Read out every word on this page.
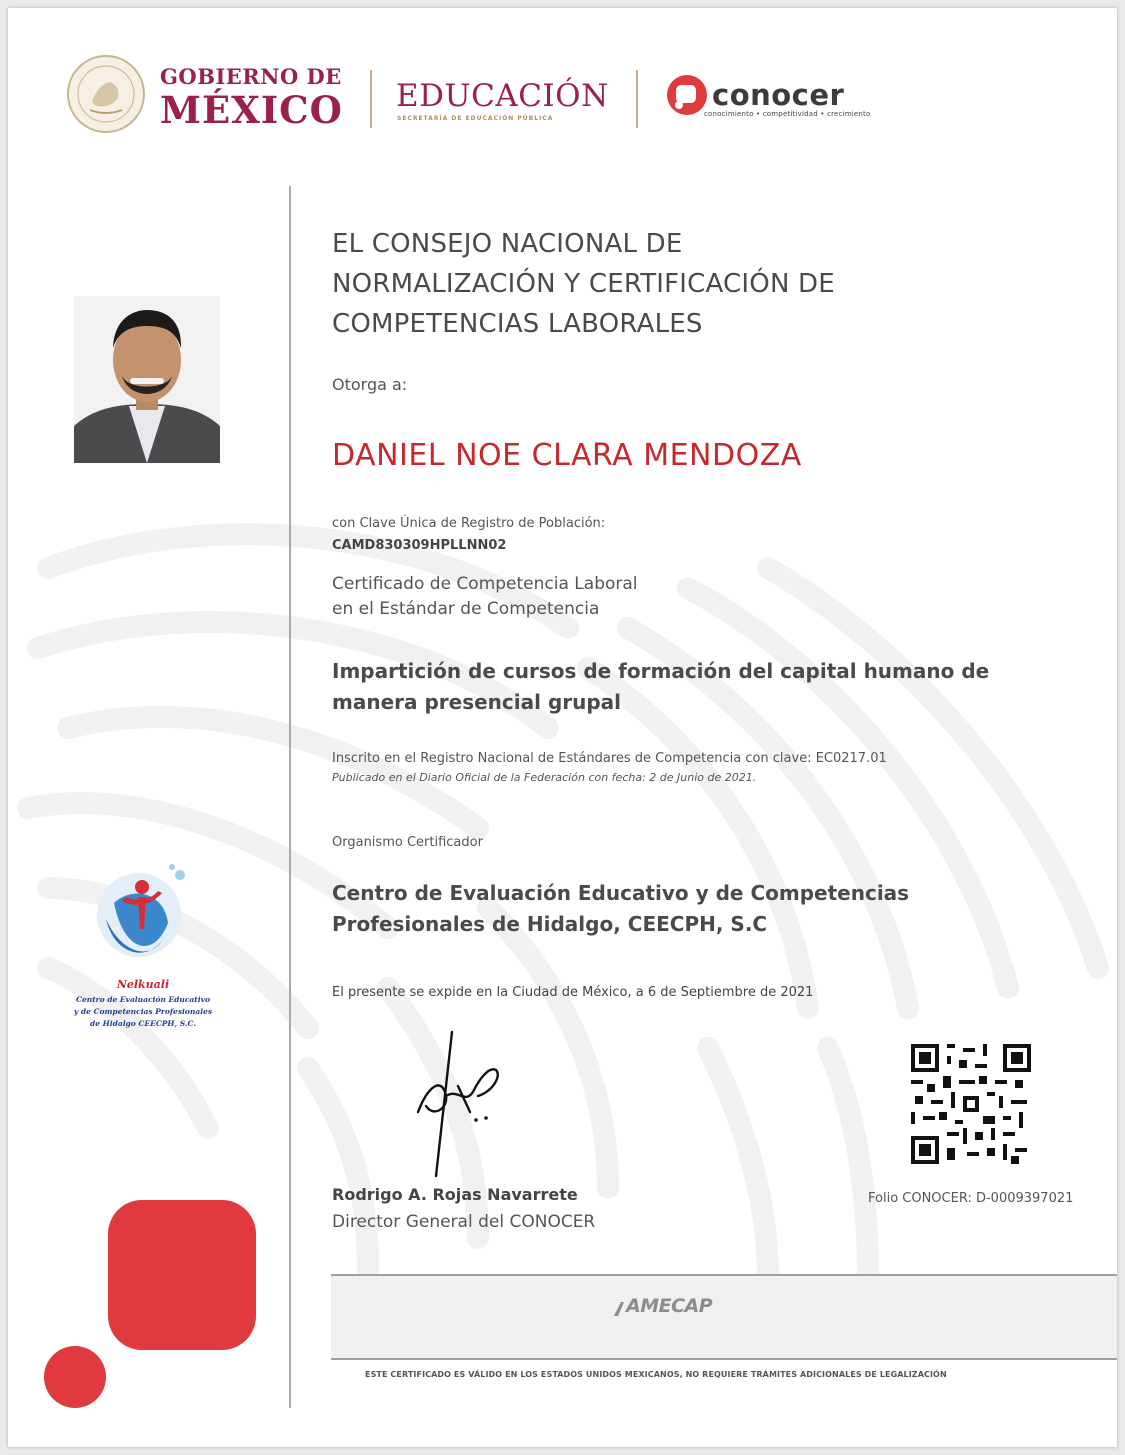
GOBIERNO DE
MÉXICO EDUCACIÓN
SECRETARÍA DE EDUCACIÓN PÚBLICA
conocer
conocimiento • competitividad • crecimiento
EL CONSEJO NACIONAL DE
NORMALIZACIÓN Y CERTIFICACIÓN DE
COMPETENCIAS LABORALES
Otorga a:
DANIEL NOE CLARA MENDOZA
con Clave Única de Registro de Población:
CAMD830309HPLLNN02
Certificado de Competencia Laboral
en el Estándar de Competencia
Impartición de cursos de formación del capital humano de
manera presencial grupal
Inscrito en el Registro Nacional de Estándares de Competencia con clave: EC0217.01
Publicado en el Diario Oficial de la Federación con fecha: 2 de Junio de 2021.
Organismo Certificador
Centro de Evaluación Educativo y de Competencias
Profesionales de Hidalgo, CEECPH, S.C
El presente se expide en la Ciudad de México, a 6 de Septiembre de 2021
Rodrigo A. Rojas Navarrete
Director General del CONOCER
Folio CONOCER: D-0009397021
Nelkuali
Centro de Evaluación Educativo
y de Competencias Profesionales
de Hidalgo CEECPH, S.C.
AMECAP
ESTE CERTIFICADO ES VÁLIDO EN LOS ESTADOS UNIDOS MEXICANOS, NO REQUIERE TRÁMITES ADICIONALES DE LEGALIZACIÓN
